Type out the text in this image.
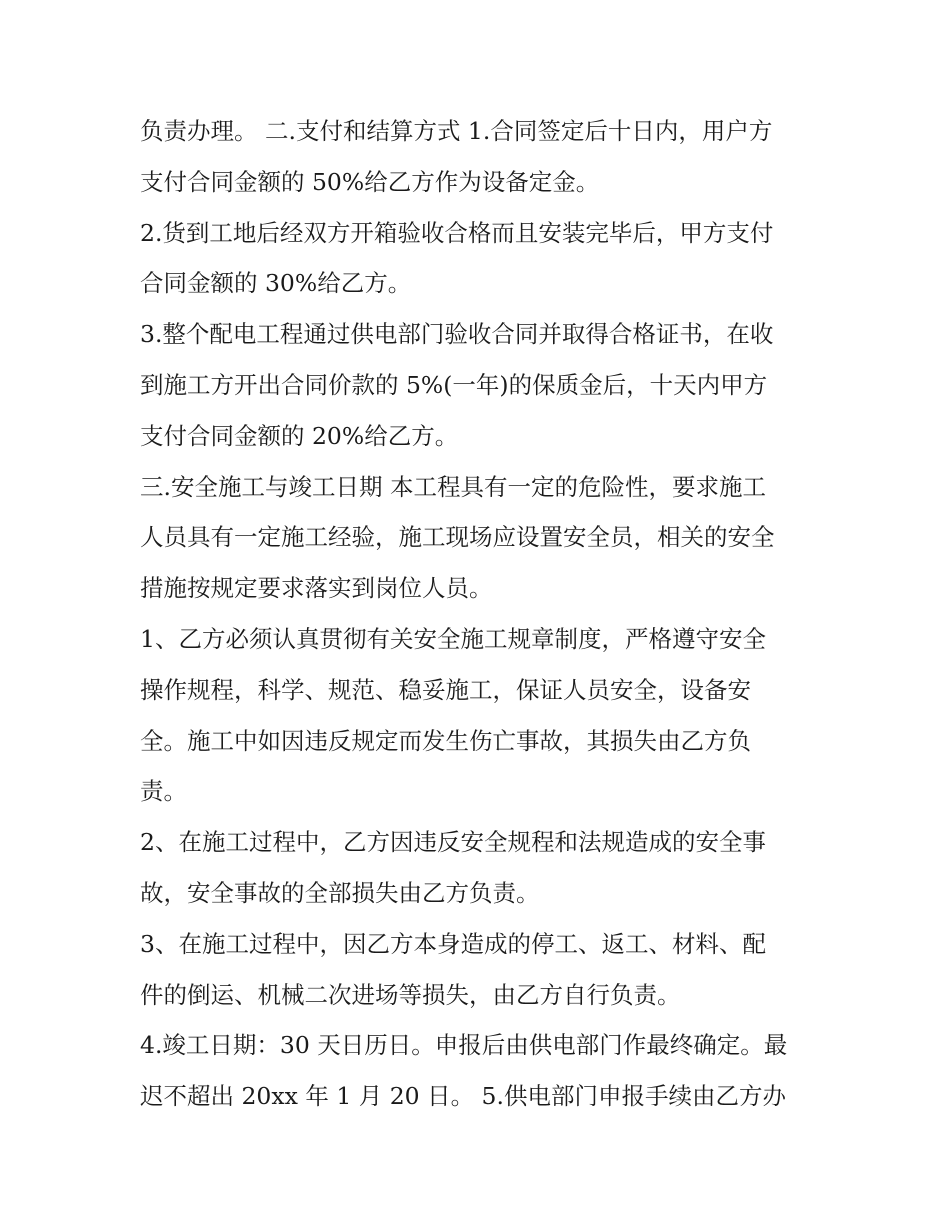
负责办理。 二.支付和结算方式 1.合同签定后十日内，用户方
支付合同金额的 50%给乙方作为设备定金。
2.货到工地后经双方开箱验收合格而且安装完毕后，甲方支付
合同金额的 30%给乙方。
3.整个配电工程通过供电部门验收合同并取得合格证书，在收
到施工方开出合同价款的 5%(一年)的保质金后，十天内甲方
支付合同金额的 20%给乙方。
三.安全施工与竣工日期 本工程具有一定的危险性，要求施工
人员具有一定施工经验，施工现场应设置安全员，相关的安全
措施按规定要求落实到岗位人员。
1、乙方必须认真贯彻有关安全施工规章制度，严格遵守安全
操作规程，科学、规范、稳妥施工，保证人员安全，设备安
全。施工中如因违反规定而发生伤亡事故，其损失由乙方负
责。
2、在施工过程中，乙方因违反安全规程和法规造成的安全事
故，安全事故的全部损失由乙方负责。
3、在施工过程中，因乙方本身造成的停工、返工、材料、配
件的倒运、机械二次进场等损失，由乙方自行负责。
4.竣工日期：30 天日历日。申报后由供电部门作最终确定。最
迟不超出 20xx 年 1 月 20 日。 5.供电部门申报手续由乙方办
